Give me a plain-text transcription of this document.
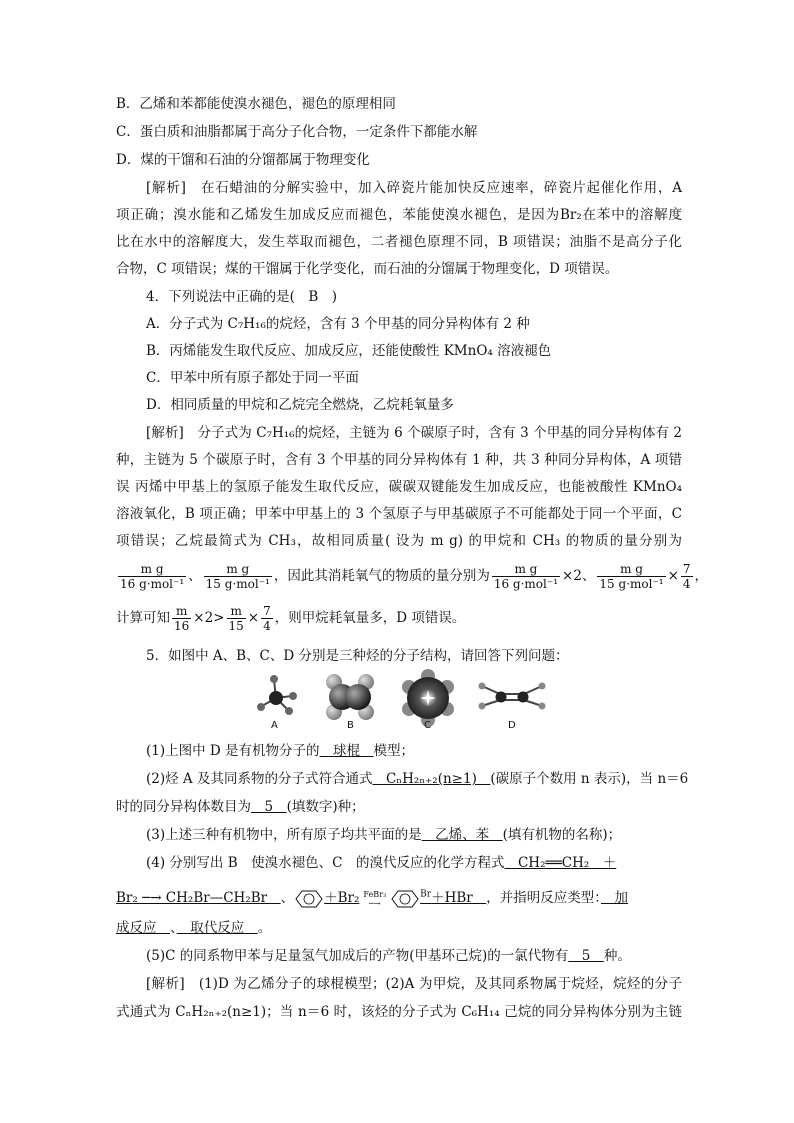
B．乙烯和苯都能使溴水褪色，褪色的原理相同
C．蛋白质和油脂都属于高分子化合物，一定条件下都能水解
D．煤的干馏和石油的分馏都属于物理变化
[解析]　在石蜡油的分解实验中，加入碎瓷片能加快反应速率，碎瓷片起催化作用，A
项正确；溴水能和乙烯发生加成反应而褪色，苯能使溴水褪色，是因为Br₂在苯中的溶解度
比在水中的溶解度大，发生萃取而褪色，二者褪色原理不同，B 项错误；油脂不是高分子化
合物，C 项错误；煤的干馏属于化学变化，而石油的分馏属于物理变化，D 项错误。
4．下列说法中正确的是(　B　)
A．分子式为 C₇H₁₆的烷烃，含有 3 个甲基的同分异构体有 2 种
B．丙烯能发生取代反应、加成反应，还能使酸性 KMnO₄ 溶液褪色
C．甲苯中所有原子都处于同一平面
D．相同质量的甲烷和乙烷完全燃烧，乙烷耗氧量多
[解析]　分子式为 C₇H₁₆的烷烃，主链为 6 个碳原子时，含有 3 个甲基的同分异构体有 2
种，主链为 5 个碳原子时，含有 3 个甲基的同分异构体有 1 种，共 3 种同分异构体，A 项错
误 丙烯中甲基上的氢原子能发生取代反应，碳碳双键能发生加成反应，也能被酸性 KMnO₄
溶液氧化，B 项正确；甲苯中甲基上的 3 个氢原子与甲基碳原子不可能都处于同一个平面，C
项错误；乙烷最简式为 CH₃，故相同质量( 设为 m g) 的甲烷和 CH₃ 的物质的量分别为
$\frac{\text{m g}}{\text{16 g·mol⁻¹}}$ 、 $\frac{\text{m g}}{\text{15 g·mol⁻¹}}$ ，因此其消耗氧气的物质的量分别为 $\frac{\text{m g}}{\text{16 g·mol⁻¹}} \times 2$、 $\frac{\text{m g}}{\text{15 g·mol⁻¹}} \times \frac{7}{4}$ ，
计算可知 $\frac{m}{16} \times 2> \frac{m}{15} \times \frac{7}{4}$ ，则甲烷耗氧量多，D 项错误。
5．如图中 A、B、C、D 分别是三种烃的分子结构，请回答下列问题：
A	B	C	D
(1)上图中 D 是有机物分子的　球棍　模型；
(2)烃 A 及其同系物的分子式符合通式　CₙH₂ₙ₊₂(n≥1)　(碳原子个数用 n 表示)，当 n＝6
时的同分异构体数目为　5　(填数字)种；
(3)上述三种有机物中，所有原子均共平面的是　乙烯、苯　(填有机物的名称)；
(4) 分别写出 B　使溴水褪色、C　的溴代反应的化学方程式　CH₂══CH₂　＋
Br₂ ─→ CH₂Br—CH₂Br　、 ＋Br₂ FeBr₃
─→
$^{Br}$＋HBr　，并指明反应类型：　加
成反应　、　取代反应　。
(5)C 的同系物甲苯与足量氢气加成后的产物(甲基环己烷)的一氯代物有　5　种。
[解析]　(1)D 为乙烯分子的球棍模型；(2)A 为甲烷，及其同系物属于烷烃，烷烃的分子
式通式为 CₙH₂ₙ₊₂(n≥1)；当 n＝6 时，该烃的分子式为 C₆H₁₄ 己烷的同分异构体分别为主链
